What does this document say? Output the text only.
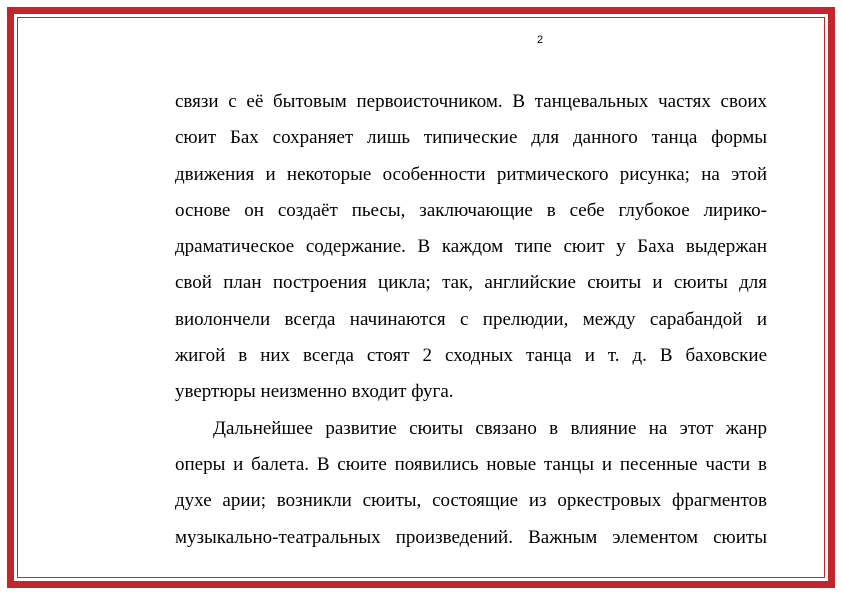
2
связи с её бытовым первоисточником. В танцевальных частях своих
сюит Бах сохраняет лишь типические для данного танца формы
движения и некоторые особенности ритмического рисунка; на этой
основе он создаёт пьесы, заключающие в себе глубокое лирико-
драматическое содержание. В каждом типе сюит у Баха выдержан
свой план построения цикла; так, английские сюиты и сюиты для
виолончели всегда начинаются с прелюдии, между сарабандой и
жигой в них всегда стоят 2 сходных танца и т. д. В баховские
увертюры неизменно входит фуга.
Дальнейшее развитие сюиты связано в влияние на этот жанр
оперы и балета. В сюите появились новые танцы и песенные части в
духе арии; возникли сюиты, состоящие из оркестровых фрагментов
музыкально-театральных произведений. Важным элементом сюиты
